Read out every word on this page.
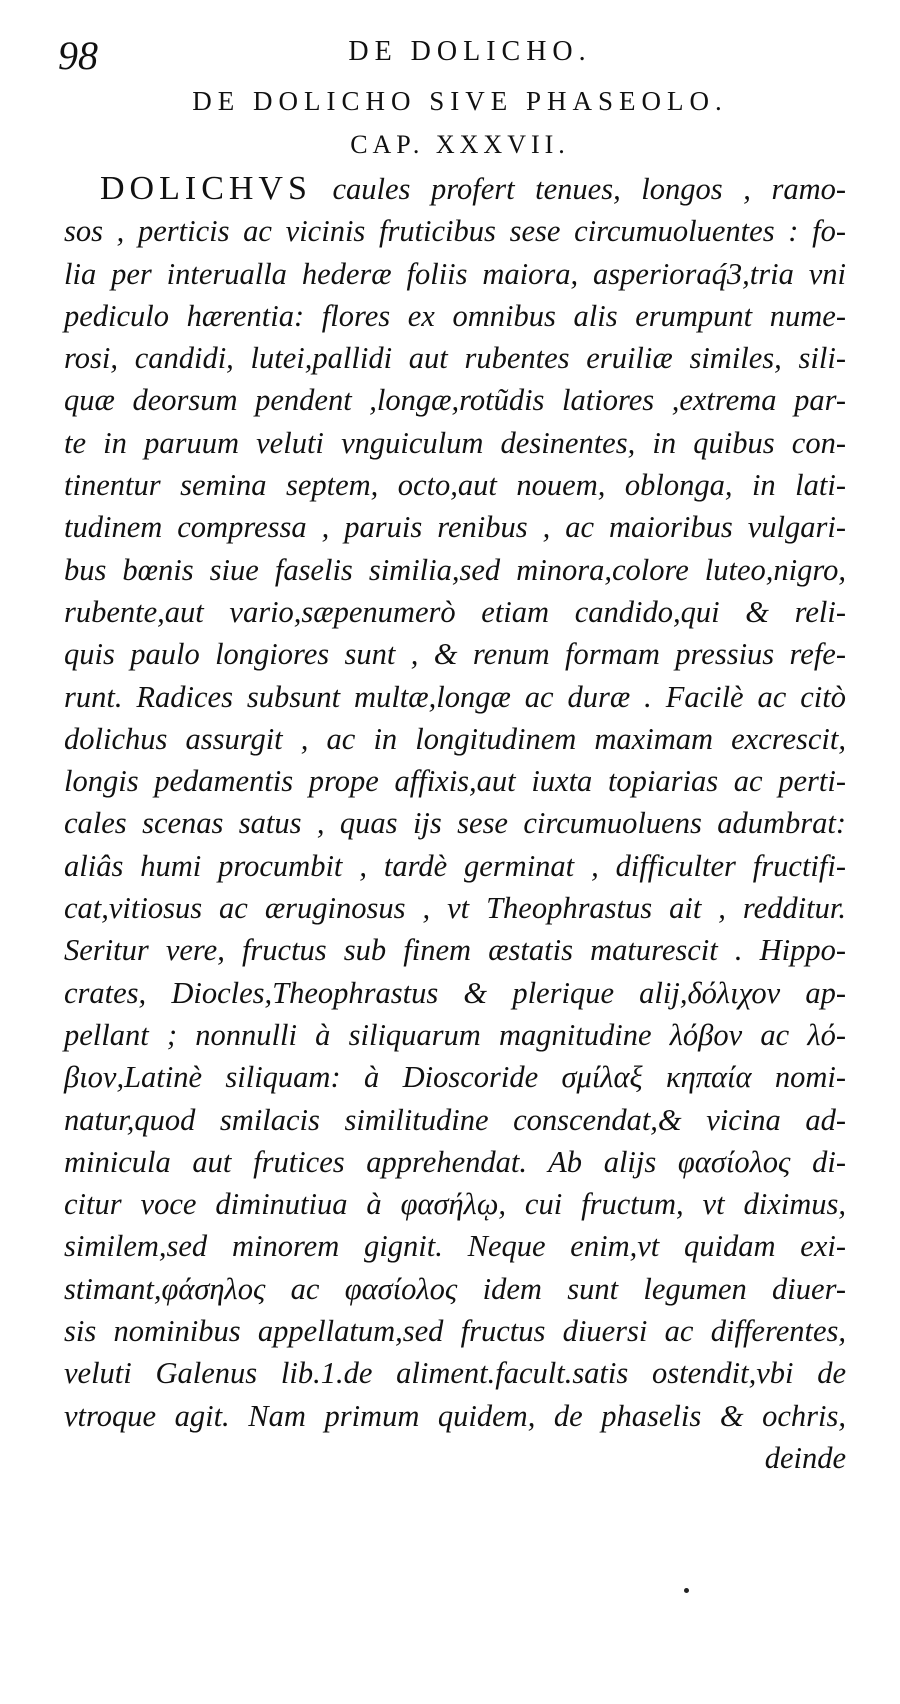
98	DE DOLICHO.
DE DOLICHO SIVE PHASEOLO.
CAP. XXXVII.
DOLICHVS caules profert tenues, longos , ramo-
sos , perticis ac vicinis fruticibus sese circumuoluentes : fo-
lia per interualla hederæ foliis maiora, asperioraq́3,tria vni
pediculo hærentia: flores ex omnibus alis erumpunt nume-
rosi, candidi, lutei,pallidi aut rubentes eruiliæ similes, sili-
quæ deorsum pendent ,longæ,rotũdis latiores ,extrema par-
te in paruum veluti vnguiculum desinentes, in quibus con-
tinentur semina septem, octo,aut nouem, oblonga, in lati-
tudinem compressa , paruis renibus , ac maioribus vulgari-
bus bœnis siue faselis similia,sed minora,colore luteo,nigro,
rubente,aut vario,sæpenumerò etiam candido,qui & reli-
quis paulo longiores sunt , & renum formam pressius refe-
runt. Radices subsunt multæ,longæ ac duræ . Facilè ac citò
dolichus assurgit , ac in longitudinem maximam excrescit,
longis pedamentis prope affixis,aut iuxta topiarias ac perti-
cales scenas satus , quas ijs sese circumuoluens adumbrat:
aliâs humi procumbit , tardè germinat , difficulter fructifi-
cat,vitiosus ac æruginosus , vt Theophrastus ait , redditur.
Seritur vere, fructus sub finem æstatis maturescit . Hippo-
crates, Diocles,Theophrastus & plerique alij,δόλιχον ap-
pellant ; nonnulli à siliquarum magnitudine λόβον ac λό-
βιον,Latinè siliquam: à Dioscoride σμίλαξ κηπαία nomi-
natur,quod smilacis similitudine conscendat,& vicina ad-
minicula aut frutices apprehendat. Ab alijs φασίολος di-
citur voce diminutiua à φασήλῳ, cui fructum, vt diximus,
similem,sed minorem gignit. Neque enim,vt quidam exi-
stimant,φάσηλος ac φασίολος idem sunt legumen diuer-
sis nominibus appellatum,sed fructus diuersi ac differentes,
veluti Galenus lib.1.de aliment.facult.satis ostendit,vbi de
vtroque agit. Nam primum quidem, de phaselis & ochris,
deinde
